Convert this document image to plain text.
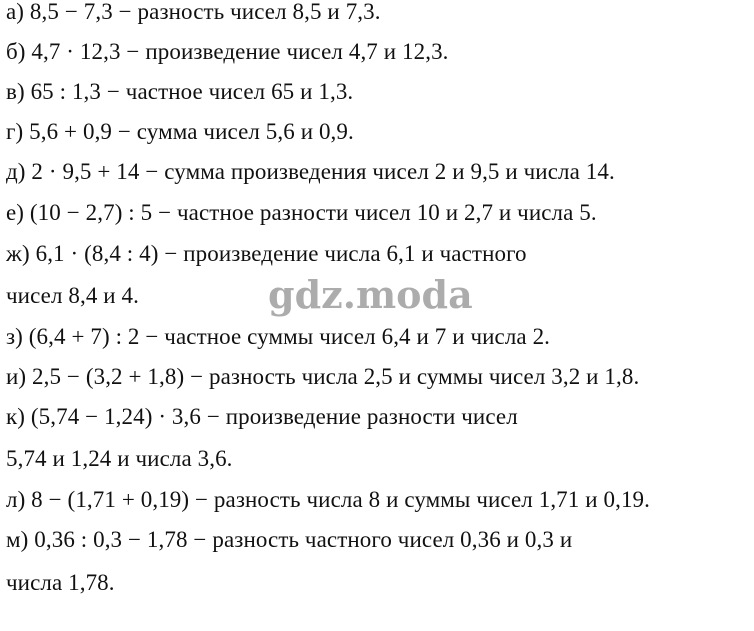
а) 8,5 − 7,3 − разность чисел 8,5 и 7,3.
б) 4,7 · 12,3 − произведение чисел 4,7 и 12,3.
в) 65 : 1,3 − частное чисел 65 и 1,3.
г) 5,6 + 0,9 − сумма чисел 5,6 и 0,9.
д) 2 · 9,5 + 14 − сумма произведения чисел 2 и 9,5 и числа 14.
е) (10 − 2,7) : 5 − частное разности чисел 10 и 2,7 и числа 5.
ж) 6,1 · (8,4 : 4) − произведение числа 6,1 и частного
чисел 8,4 и 4.
з) (6,4 + 7) : 2 − частное суммы чисел 6,4 и 7 и числа 2.
и) 2,5 − (3,2 + 1,8) − разность числа 2,5 и суммы чисел 3,2 и 1,8.
к) (5,74 − 1,24) · 3,6 − произведение разности чисел
5,74 и 1,24 и числа 3,6.
л) 8 − (1,71 + 0,19) − разность числа 8 и суммы чисел 1,71 и 0,19.
м) 0,36 : 0,3 − 1,78 − разность частного чисел 0,36 и 0,3 и
числа 1,78.
gdz.moda
